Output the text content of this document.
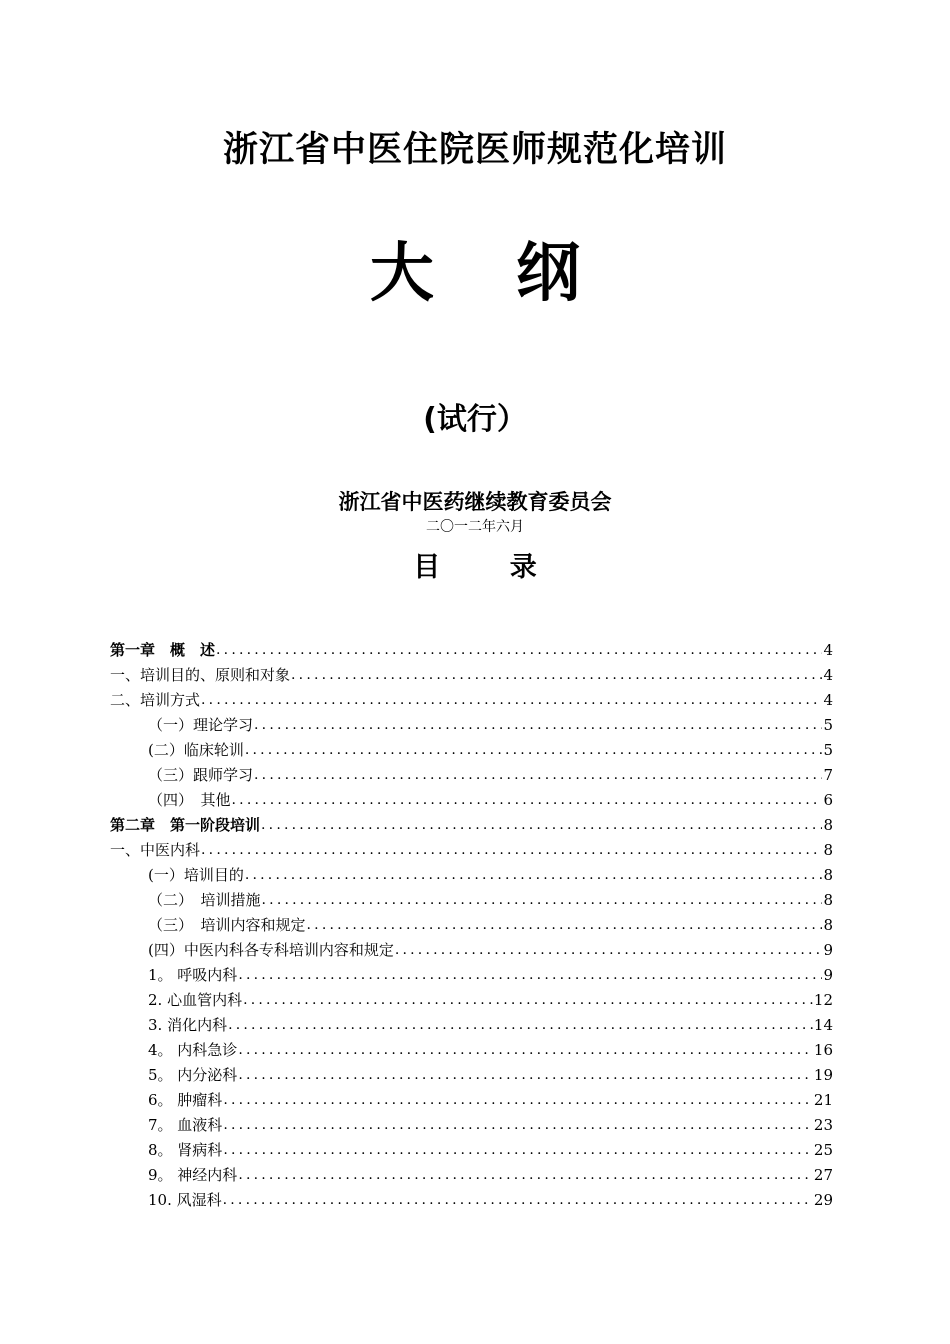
浙江省中医住院医师规范化培训
大 纲
(试行）
浙江省中医药继续教育委员会
二〇一二年六月
目 录
第一章　概　述 .....	4
一、培训目的、原则和对象 .....	4
二、培训方式 .....	4
（一）理论学习 .....	5
(二）临床轮训 .....	5
（三）跟师学习 .....	7
（四）　其他 .....	6
第二章　第一阶段培训 .....	8
一、中医内科 .....	8
(一）培训目的 .....	8
（二）　培训措施 .....	8
（三）　培训内容和规定 .....	8
(四）中医内科各专科培训内容和规定 .....	9
1。 呼吸内科 .....	9
2. 心血管内科 .....	12
3. 消化内科 .....	14
4。 内科急诊 .....	16
5。 内分泌科 .....	19
6。 肿瘤科 .....	21
7。 血液科 .....	23
8。 肾病科 .....	25
9。 神经内科 .....	27
10. 风湿科 .....	29
